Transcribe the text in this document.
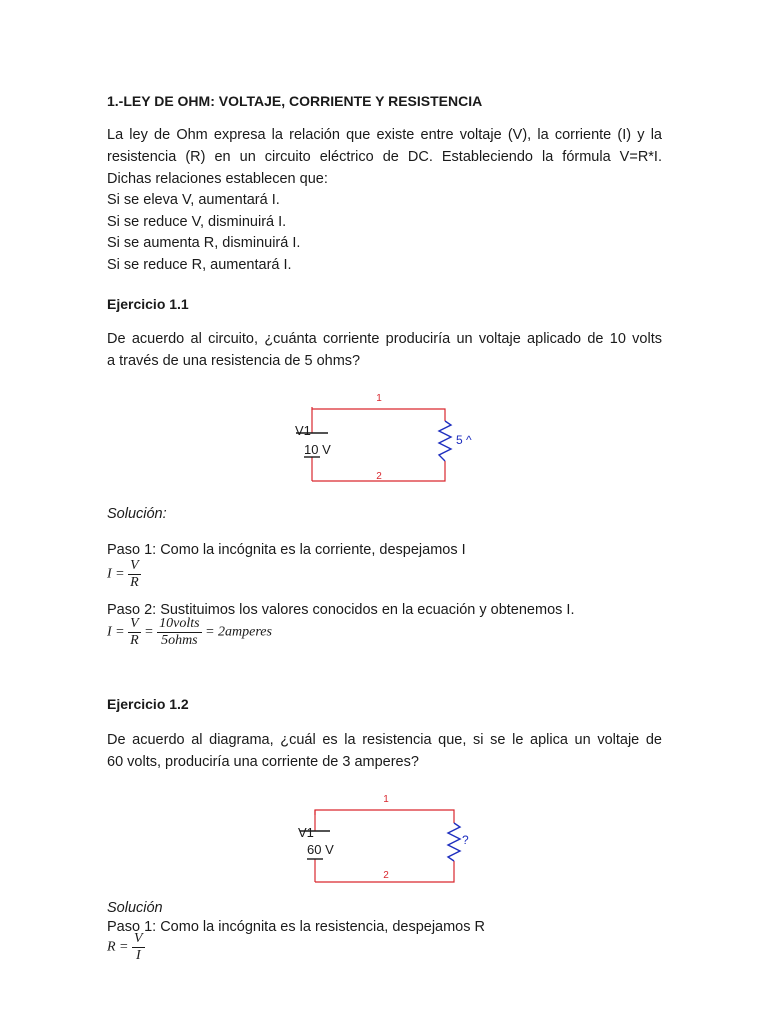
1.-LEY DE OHM: VOLTAJE, CORRIENTE Y RESISTENCIA
La ley de Ohm expresa la relación que existe entre voltaje (V), la corriente (I) y la
resistencia (R) en un circuito eléctrico de DC. Estableciendo la fórmula V=R*I.
Dichas relaciones establecen que:
Si se eleva V, aumentará I.
Si se reduce V, disminuirá I.
Si se aumenta R, disminuirá I.
Si se reduce R, aumentará I.
Ejercicio 1.1
De acuerdo al circuito, ¿cuánta corriente produciría un voltaje aplicado de 10 volts
a través de una resistencia de 5 ohms?
1
2
V1
10 V
5 ^
Solución:
Paso 1: Como la incógnita es la corriente, despejamos I
$I = \frac{V}{R}$
Paso 2: Sustituimos los valores conocidos en la ecuación y obtenemos I.
$I = \frac{V}{R} = \frac{\text{10volts}}{\text{5ohms}}$ = 2amperes
Ejercicio 1.2
De acuerdo al diagrama, ¿cuál es la resistencia que, si se le aplica un voltaje de
60 volts, produciría una corriente de 3 amperes?
1
2
V1
60 V
?
Solución
Paso 1: Como la incógnita es la resistencia, despejamos R
$R = \frac{V}{I}$
